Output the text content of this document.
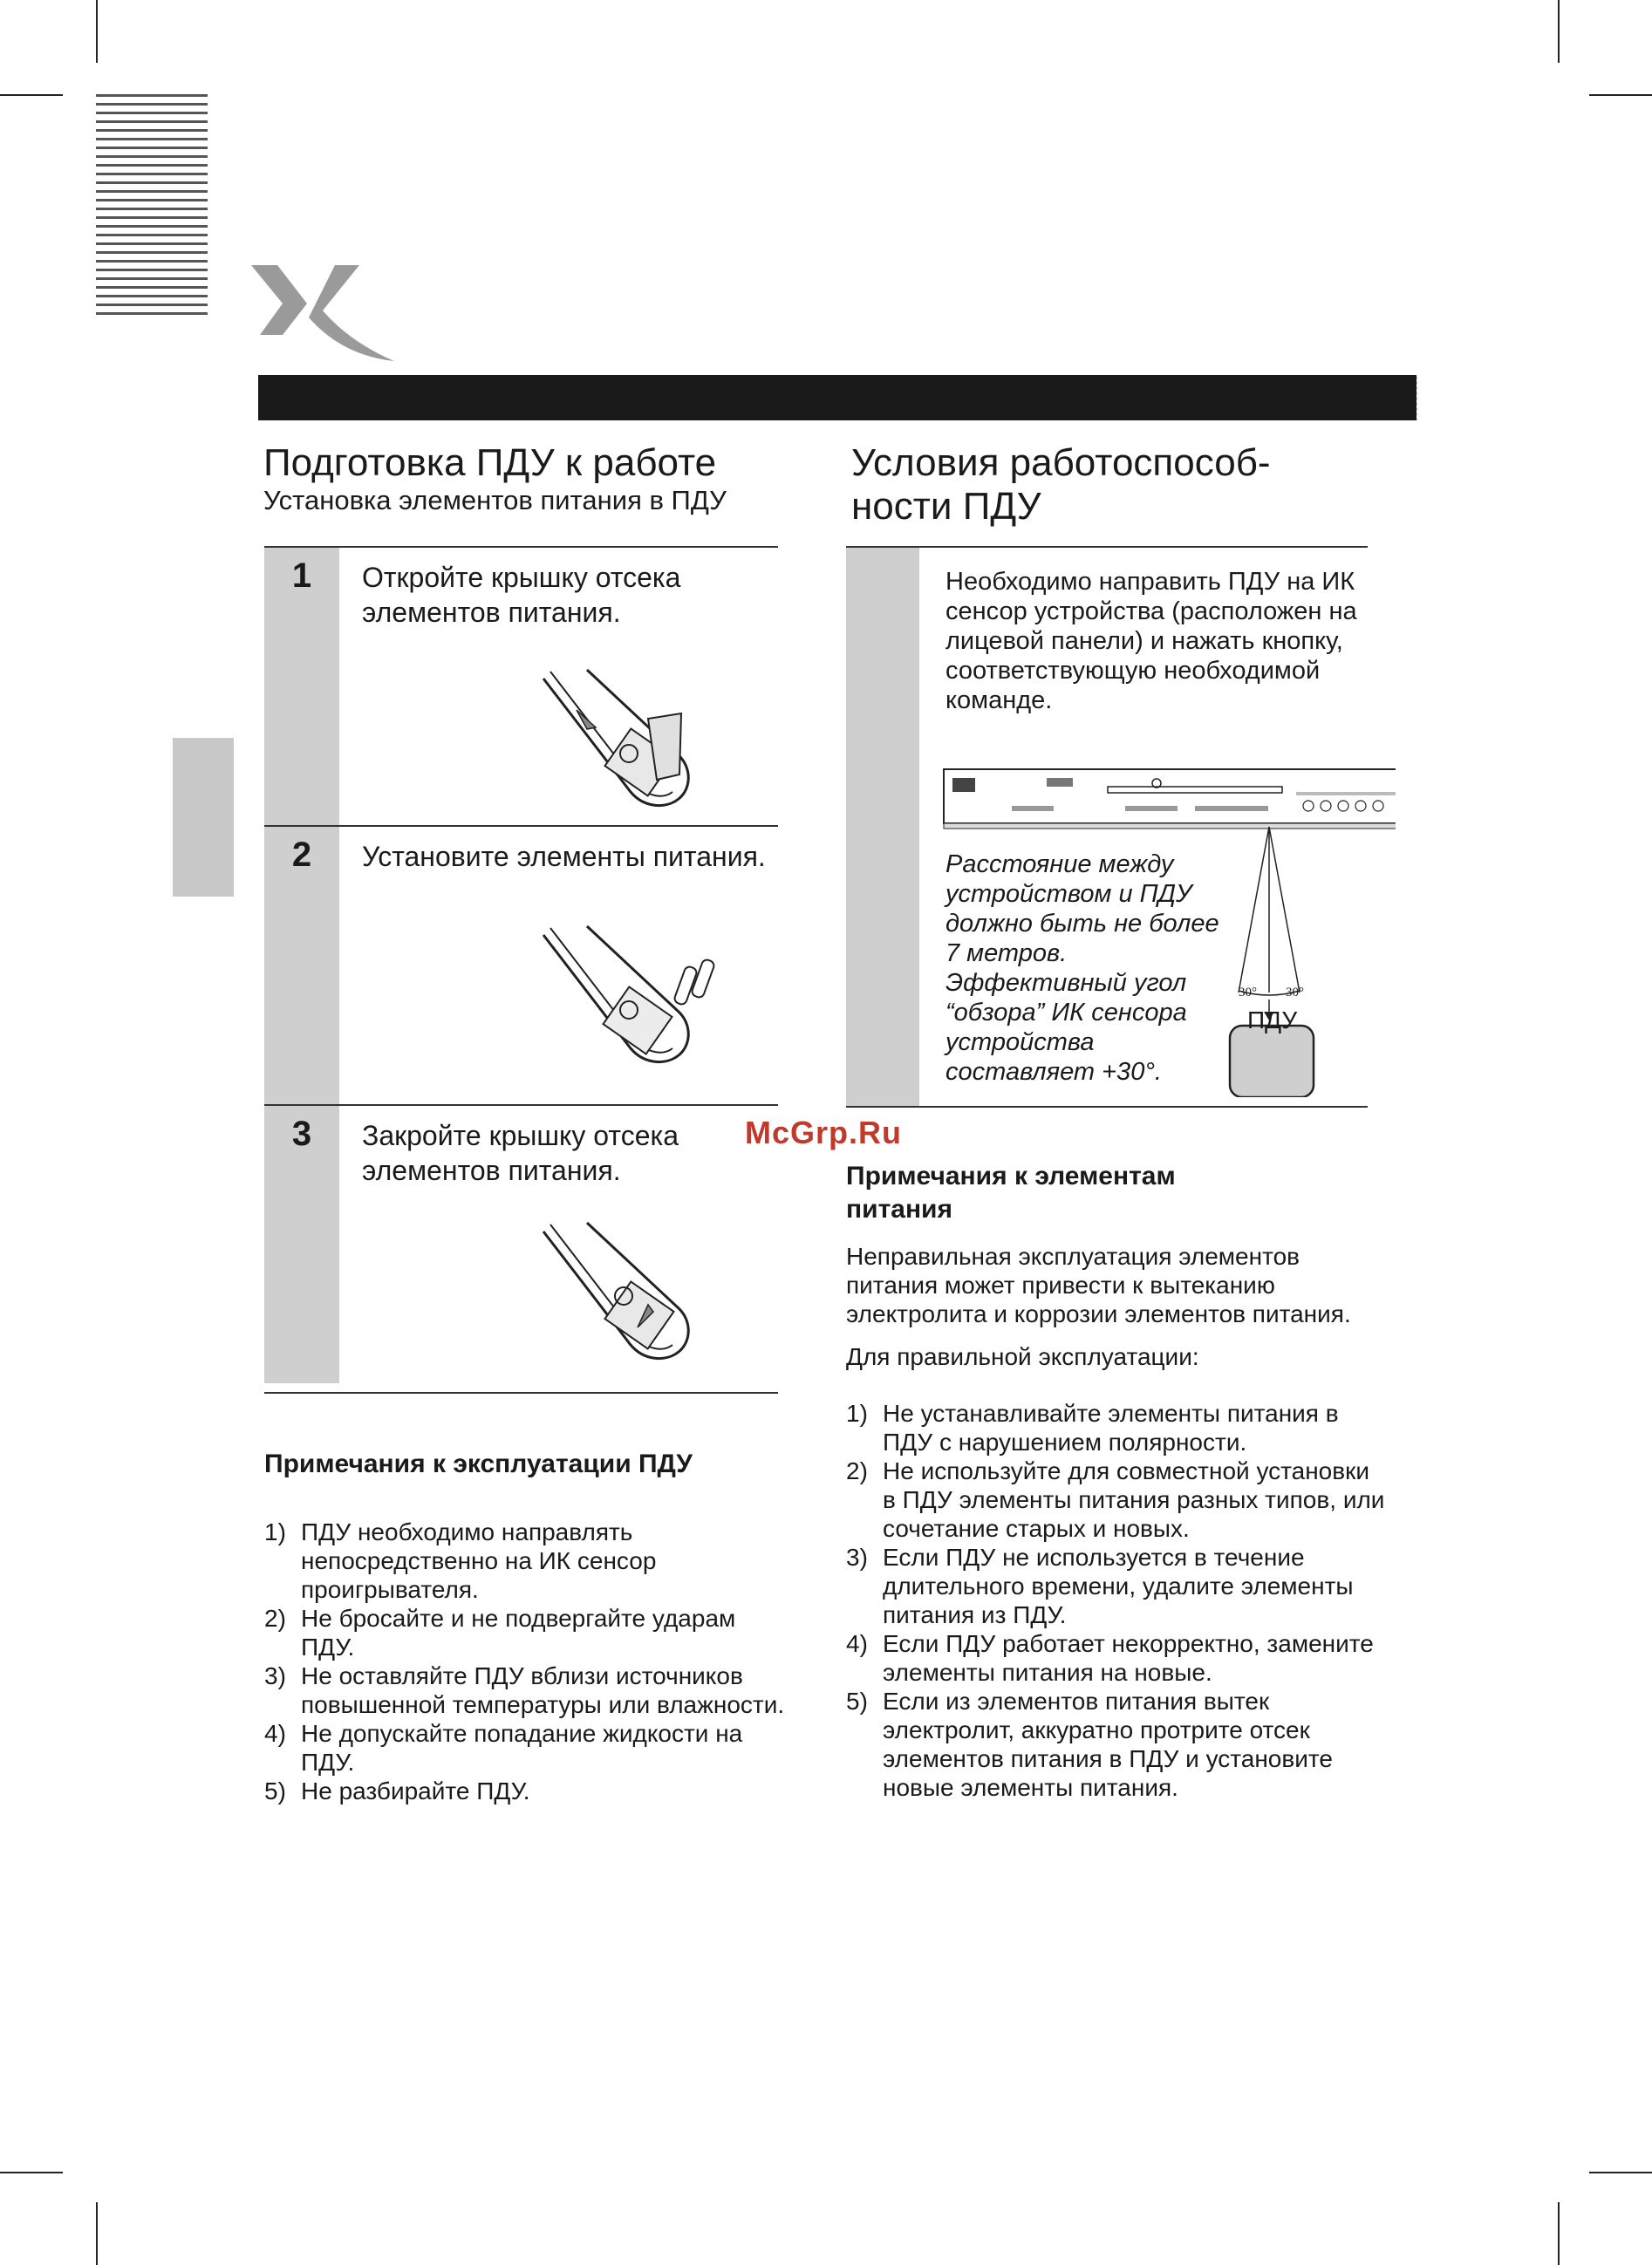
Подготовка ПДУ к работе
Установка элементов питания в ПДУ
1	Откройте крышку отсека элементов питания.
2	Установите элементы питания.
3	Закройте крышку отсека элементов питания.
Примечания к эксплуатации ПДУ
1) ПДУ необходимо направлять непосредственно на ИК сенсор проигрывателя.
2) Не бросайте и не подвергайте ударам ПДУ.
3) Не оставляйте ПДУ вблизи источников повышенной температуры или влажности.
4) Не допускайте попадание жидкости на ПДУ.
5) Не разбирайте ПДУ.
Условия работоспособ-
ности ПДУ
Необходимо направить ПДУ на ИК сенсор устройства (расположен на лицевой панели) и нажать кнопку, соответствующую необходимой команде.
Расстояние между устройством и ПДУ должно быть не более 7 метров. Эффективный угол “обзора” ИК сенсора устройства составляет +30°.
30° 30°
ПДУ
McGrp.Ru
Примечания к элементам питания

Неправильная эксплуатация элементов питания может привести к вытеканию электролита и коррозии элементов питания.

Для правильной эксплуатации:

1) Не устанавливайте элементы питания в ПДУ с нарушением полярности.
2) Не используйте для совместной установки в ПДУ элементы питания разных типов, или сочетание старых и новых.
3) Если ПДУ не используется в течение длительного времени, удалите элементы питания из ПДУ.
4) Если ПДУ работает некорректно, замените элементы питания на новые.
5) Если из элементов питания вытек электролит, аккуратно протрите отсек элементов питания в ПДУ и установите новые элементы питания.
